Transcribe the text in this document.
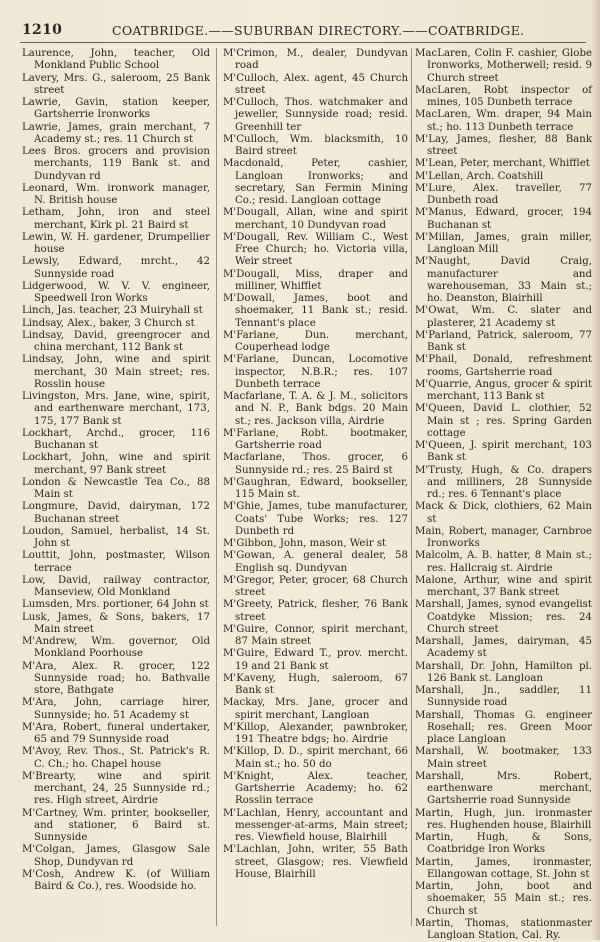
1210	COATBRIDGE.——SUBURBAN DIRECTORY.——COATBRIDGE.

Laurence, John, teacher, Old Monkland Public School

Lavery, Mrs. G., saleroom, 25 Bank street

Lawrie, Gavin, station keeper, Gartsherrie Ironworks

Lawrie, James, grain merchant, 7 Academy st.; res. 11 Church st

Lees Bros. grocers and provision merchants, 119 Bank st. and Dundyvan rd

Leonard, Wm. ironwork manager, N. British house

Letham, John, iron and steel merchant, Kirk pl. 21 Baird st

Lewin, W. H. gardener, Drumpellier house

Lewsly, Edward, mrcht., 42 Sunnyside road

Lidgerwood, W. V. V. engineer, Speedwell Iron Works

Linch, Jas. teacher, 23 Muiryhall st

Lindsay, Alex., baker, 3 Church st

Lindsay, David, greengrocer and china merchant, 112 Bank st

Lindsay, John, wine and spirit merchant, 30 Main street; res. Rosslin house

Livingston, Mrs. Jane, wine, spirit, and earthenware merchant, 173, 175, 177 Bank st

Lockhart, Archd., grocer, 116 Buchanan st

Lockhart, John, wine and spirit merchant, 97 Bank street

London & Newcastle Tea Co., 88 Main st

Longmure, David, dairyman, 172 Buchanan street

Loudon, Samuel, herbalist, 14 St. John st

Louttit, John, postmaster, Wilson terrace

Low, David, railway contractor, Manseview, Old Monkland

Lumsden, Mrs. portioner, 64 John st

Lusk, James, & Sons, bakers, 17 Main street

M'Andrew, Wm. governor, Old Monkland Poorhouse

M'Ara, Alex. R. grocer, 122 Sunnyside road; ho. Bathvalle store, Bathgate

M'Ara, John, carriage hirer, Sunnyside; ho. 51 Academy st

M'Ara, Robert, funeral undertaker, 65 and 79 Sunnyside road

M'Avoy, Rev. Thos., St. Patrick's R. C. Ch.; ho. Chapel house

M'Brearty, wine and spirit merchant, 24, 25 Sunnyside rd.; res. High street, Airdrie

M'Cartney, Wm. printer, bookseller, and stationer, 6 Baird st. Sunnyside

M'Colgan, James, Glasgow Sale Shop, Dundyvan rd

M'Cosh, Andrew K. (of William Baird & Co.), res. Woodside ho.

M'Crimon, M., dealer, Dundyvan road

M'Culloch, Alex. agent, 45 Church street

M'Culloch, Thos. watchmaker and jeweller, Sunnyside road; resid. Greenhill ter

M'Culloch, Wm. blacksmith, 10 Baird street

Macdonald, Peter, cashier, Langloan Ironworks; and secretary, San Fermin Mining Co.; resid. Langloan cottage

M'Dougall, Allan, wine and spirit merchant, 10 Dundyvan road

M'Dougall, Rev. William C., West Free Church; ho. Victoria villa, Weir street

M'Dougall, Miss, draper and milliner, Whifflet

M'Dowall, James, boot and shoemaker, 11 Bank st.; resid. Tennant's place

M'Farlane, Dun. merchant, Couperhead lodge

M'Farlane, Duncan, Locomotive inspector, N.B.R.; res. 107 Dunbeth terrace

Macfarlane, T. A. & J. M., solicitors and N. P., Bank bdgs. 20 Main st.; res. Jackson villa, Airdrie

M'Farlane, Robt. bootmaker, Gartsherrie road

Macfarlane, Thos. grocer, 6 Sunnyside rd.; res. 25 Baird st

M'Gaughran, Edward, bookseller, 115 Main st.

M'Ghie, James, tube manufacturer, Coats' Tube Works; res. 127 Dunbeth rd

M'Gibbon, John, mason, Weir st

M'Gowan, A. general dealer, 58 English sq. Dundyvan

M'Gregor, Peter, grocer, 68 Church street

M'Greety, Patrick, flesher, 76 Bank street

M'Guire, Connor, spirit merchant, 87 Main street

M'Guire, Edward T., prov. mercht. 19 and 21 Bank st

M'Kaveny, Hugh, saleroom, 67 Bank st

Mackay, Mrs. Jane, grocer and spirit merchant, Langloan

M'Killop, Alexander, pawnbroker, 191 Theatre bdgs; ho. Airdrie

M'Killop, D. D., spirit merchant, 66 Main st.; ho. 50 do

M'Knight, Alex. teacher, Gartsherrie Academy; ho. 62 Rosslin terrace

M'Lachlan, Henry, accountant and messenger-at-arms, Main street; res. Viewfield house, Blairhill

M'Lachlan, John, writer, 55 Bath street, Glasgow; res. Viewfield House, Blairhill

MacLaren, Colin F. cashier, Globe Ironworks, Motherwell; resid. 9 Church street

MacLaren, Robt inspector of mines, 105 Dunbeth terrace

MacLaren, Wm. draper, 94 Main st.; ho. 113 Dunbeth terrace

M'Lay, James, flesher, 88 Bank street

M'Lean, Peter, merchant, Whifflet

M'Lellan, Arch. Coatshill

M'Lure, Alex. traveller, 77 Dunbeth road

M'Manus, Edward, grocer, 194 Buchanan st

M'Millan, James, grain miller, Langloan Mill

M'Naught, David Craig, manufacturer and warehouseman, 33 Main st.; ho. Deanston, Blairhill

M'Owat, Wm. C. slater and plasterer, 21 Academy st

M'Parland, Patrick, saleroom, 77 Bank st

M'Phail, Donald, refreshment rooms, Gartsherrie road

M'Quarrie, Angus, grocer & spirit merchant, 113 Bank st

M'Queen, David L. clothier, 52 Main st ; res. Spring Garden cottage

M'Queen, J. spirit merchant, 103 Bank st

M'Trusty, Hugh, & Co. drapers and milliners, 28 Sunnyside rd.; res. 6 Tennant's place

Mack & Dick, clothiers, 62 Main st

Main, Robert, manager, Carnbroe Ironworks

Malcolm, A. B. hatter, 8 Main st.; res. Hallcraig st. Airdrie

Malone, Arthur, wine and spirit merchant, 37 Bank street

Marshall, James, synod evangelist Coatdyke Mission; res. 24 Church street

Marshall, James, dairyman, 45 Academy st

Marshall, Dr. John, Hamilton pl. 126 Bank st. Langloan

Marshall, Jn., saddler, 11 Sunnyside road

Marshall, Thomas G. engineer Rosehall; res. Green Moor place Langloan

Marshall, W. bootmaker, 133 Main street

Marshall, Mrs. Robert, earthenware merchant, Gartsherrie road Sunnyside

Martin, Hugh, jun. ironmaster res. Hughenden house, Blairhill

Martin, Hugh, & Sons, Coatbridge Iron Works

Martin, James, ironmaster, Ellangowan cottage, St. John st

Martin, John, boot and shoemaker, 55 Main st.; res. Church st

Martin, Thomas, stationmaster Langloan Station, Cal. Ry.
